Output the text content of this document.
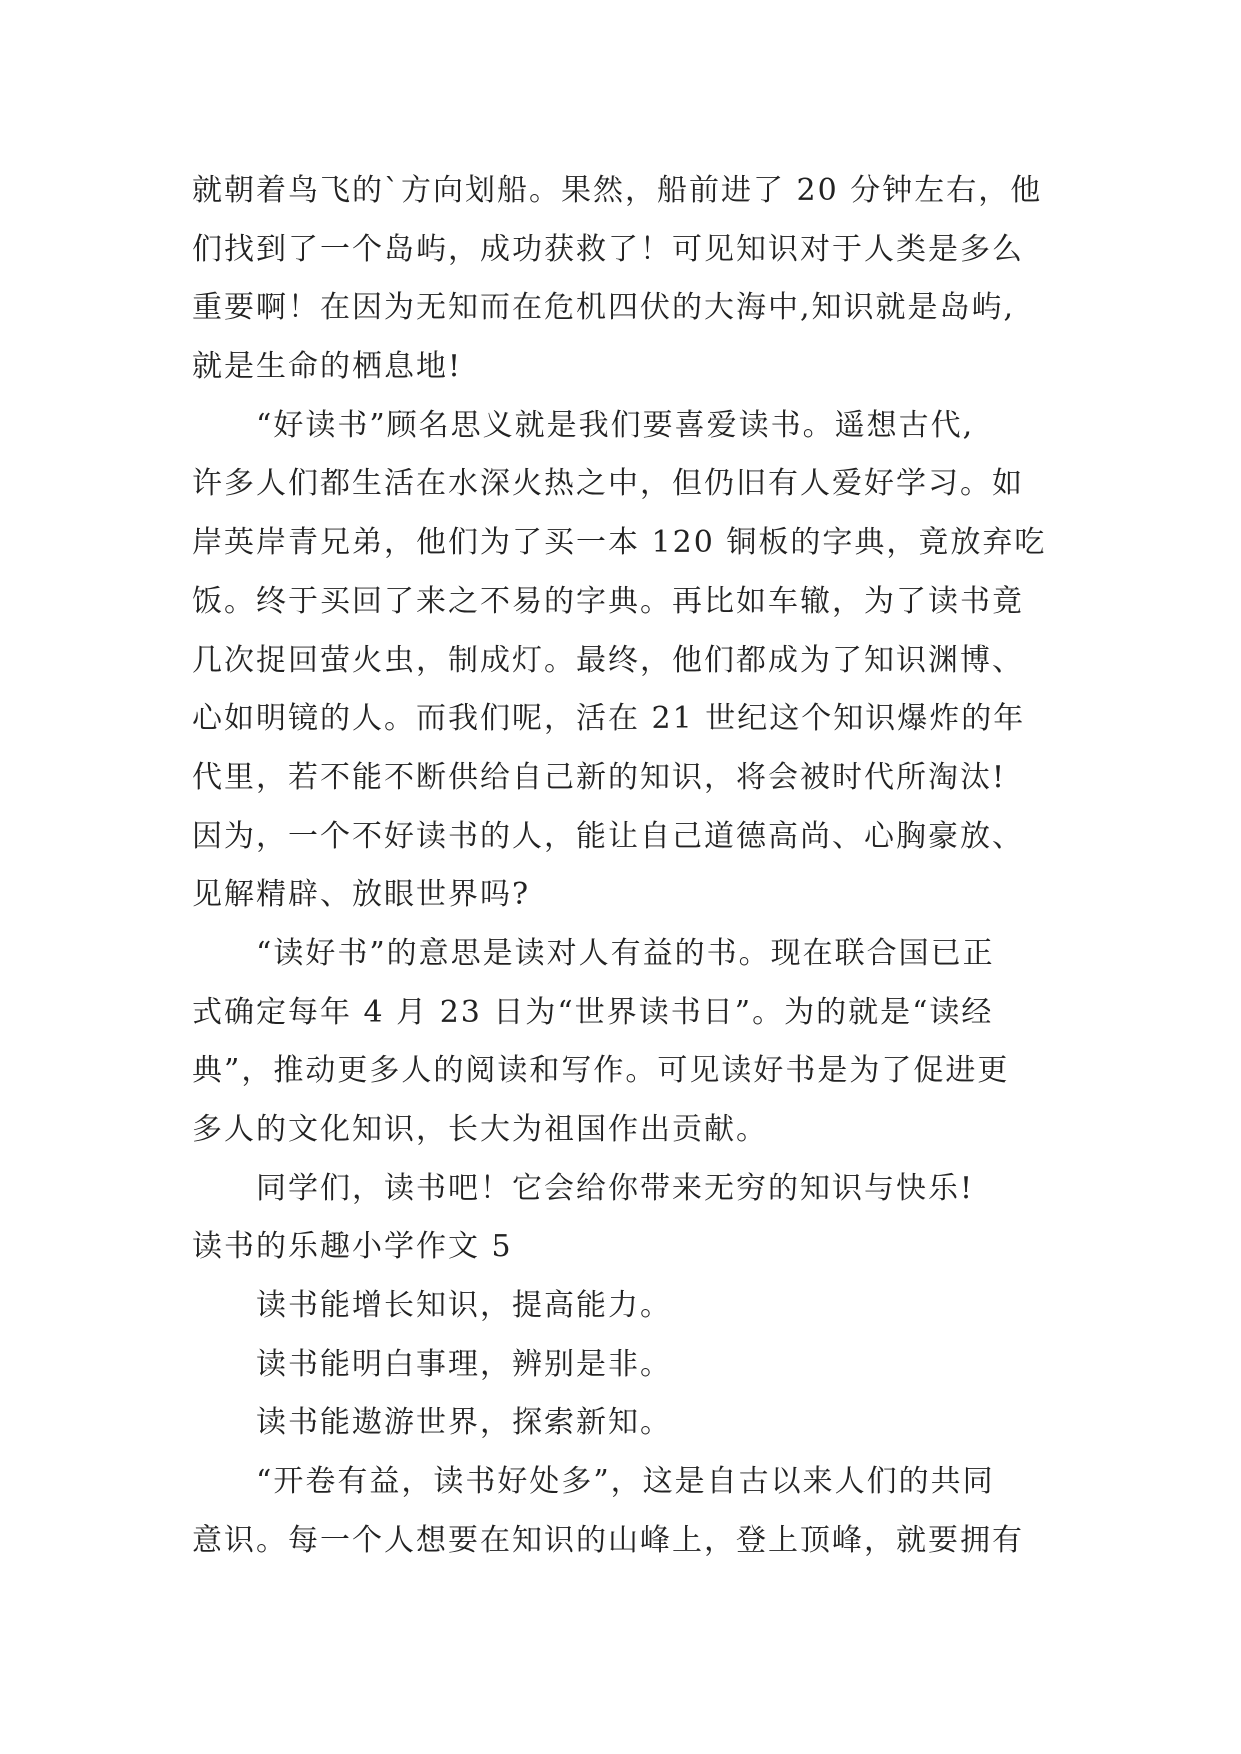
就朝着鸟飞的`方向划船。果然，船前进了 20 分钟左右，他
们找到了一个岛屿，成功获救了！可见知识对于人类是多么
重要啊！在因为无知而在危机四伏的大海中,知识就是岛屿,
就是生命的栖息地!
“好读书”顾名思义就是我们要喜爱读书。遥想古代,
许多人们都生活在水深火热之中，但仍旧有人爱好学习。如
岸英岸青兄弟，他们为了买一本 120 铜板的字典，竟放弃吃
饭。终于买回了来之不易的字典。再比如车辙，为了读书竟
几次捉回萤火虫，制成灯。最终，他们都成为了知识渊博、
心如明镜的人。而我们呢，活在 21 世纪这个知识爆炸的年
代里，若不能不断供给自己新的知识，将会被时代所淘汰!
因为，一个不好读书的人，能让自己道德高尚、心胸豪放、
见解精辟、放眼世界吗?
“读好书”的意思是读对人有益的书。现在联合国已正
式确定每年 4 月 23 日为“世界读书日”。为的就是“读经
典”，推动更多人的阅读和写作。可见读好书是为了促进更
多人的文化知识，长大为祖国作出贡献。
同学们，读书吧！它会给你带来无穷的知识与快乐!
读书的乐趣小学作文 5
读书能增长知识，提高能力。
读书能明白事理，辨别是非。
读书能遨游世界，探索新知。
“开卷有益，读书好处多”，这是自古以来人们的共同
意识。每一个人想要在知识的山峰上，登上顶峰，就要拥有
